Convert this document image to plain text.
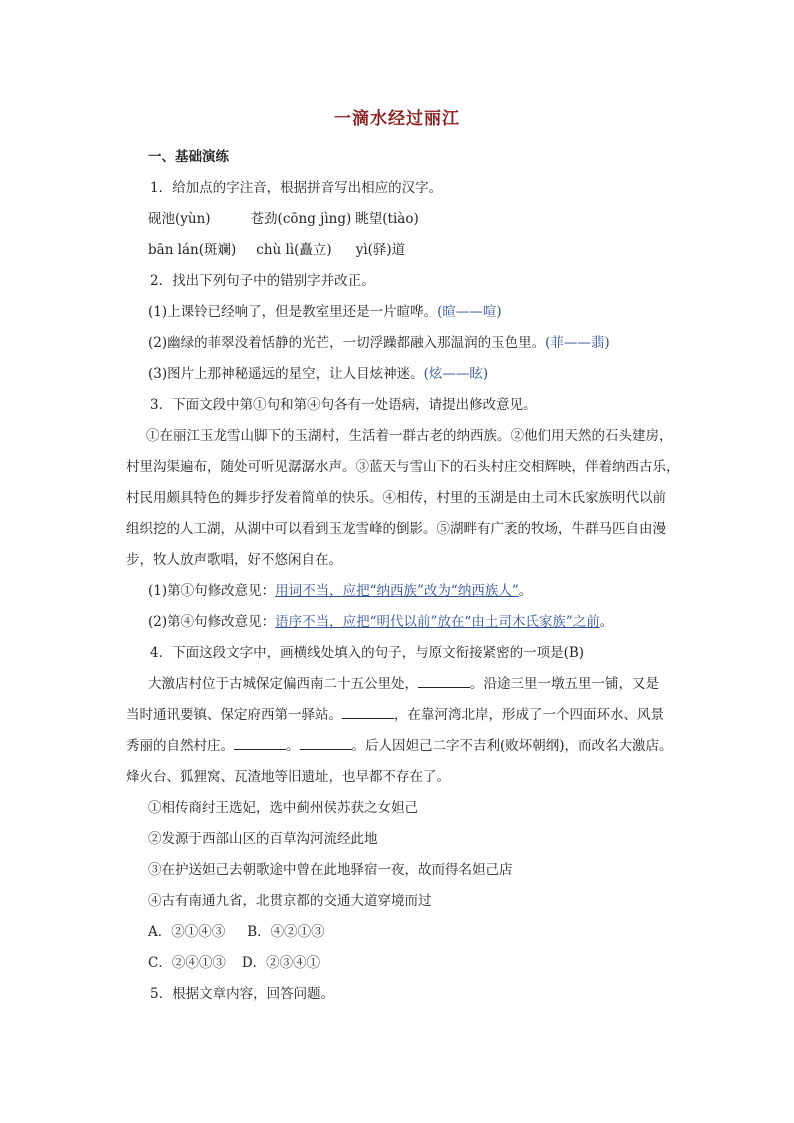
一滴水经过丽江
一、基础演练
1．给加点的字注音，根据拼音写出相应的汉字。
砚池(yùn)	苍劲(cōng jìng) 眺望(tiào)
bān lán(斑斓) chù lì(矗立) yì(驿)道
2．找出下列句子中的错别字并改正。
(1)上课铃已经响了，但是教室里还是一片暄哗。(暄——喧)
(2)幽绿的菲翠没着恬静的光芒，一切浮躁都融入那温润的玉色里。(菲——翡)
(3)图片上那神秘遥远的星空，让人目炫神迷。(炫——眩)
3．下面文段中第①句和第④句各有一处语病，请提出修改意见。
①在丽江玉龙雪山脚下的玉湖村，生活着一群古老的纳西族。②他们用天然的石头建房，
村里沟渠遍布，随处可听见潺潺水声。③蓝天与雪山下的石头村庄交相辉映，伴着纳西古乐，
村民用颇具特色的舞步抒发着简单的快乐。④相传，村里的玉湖是由土司木氏家族明代以前
组织挖的人工湖，从湖中可以看到玉龙雪峰的倒影。⑤湖畔有广袤的牧场，牛群马匹自由漫
步，牧人放声歌唱，好不悠闲自在。
(1)第①句修改意见：用词不当，应把“纳西族”改为“纳西族人”。
(2)第④句修改意见：语序不当，应把“明代以前”放在“由土司木氏家族”之前。
4．下面这段文字中，画横线处填入的句子，与原文衔接紧密的一项是(B)
大激店村位于古城保定偏西南二十五公里处，	。沿途三里一墩五里一铺，又是
当时通讯要镇、保定府西第一驿站。	，在靠河湾北岸，形成了一个四面环水、风景
秀丽的自然村庄。	。	。后人因妲己二字不吉利(败坏朝纲)，而改名大激店。
烽火台、狐狸窝、瓦渣地等旧遗址，也早都不存在了。
①相传商纣王选妃，选中蓟州侯苏获之女妲己
②发源于西部山区的百草沟河流经此地
③在护送妲己去朝歌途中曾在此地驿宿一夜，故而得名妲己店
④古有南通九省，北贯京都的交通大道穿境而过
A．②①④③ B．④②①③
C．②④①③ D．②③④①
5．根据文章内容，回答问题。
